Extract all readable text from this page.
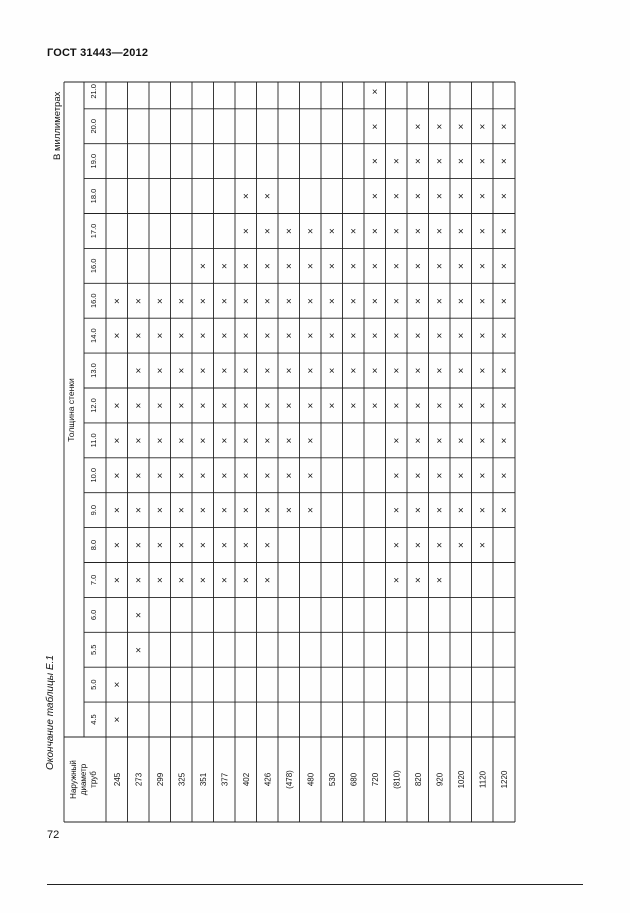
ГОСТ 31443—2012
Окончание таблицы Е.1
В миллиметрах
Толщина стенки
Наружный диаметр труб
4.5
5.0
5.5
6.0
7.0
8.0
9.0
10.0
11.0
12.0
13.0
14.0
16.0
16.0
17.0
18.0
19.0
20.0
21.0
245 273 299 325 351 377 402 426 (478) 480 530 680 720 (810) 820 920 1020 1120 1220
×
×
×
×
×
×
×
×
×
×
×
×
×
×
×
×
×
×
×
×
×
×
×
×
×
×
×
×
×
×
×
×
×
×
×
×
×
×
×
×
×
×
×
×
×
×
×
×
×
×
×
×
×
×
×
×
×
×
×
×
×
×
×
×
×
×
×
×
×
×
×
×
×
×
×
×
×
×
×
×
×
×
×
×
×
×
×
×
×
×
×
×
×
×
×
×
×
×
×
×
×
×
×
×
×
×
×
×
×
×
×
×
×
×
×
×
×
×
×
×
×
×
×
×
×
×
×
×
×
×
×
×
×
×
×
×
×
×
×
×
×
×
×
×
×
×
×
×
×
×
×
×
×
×
×
×
×
×
×
×
×
×
×
×
×
×
×
×
×
×
×
×
×
×
×
×
×
×
×
×
×
×
×
×
×
×
×
×
×
×
×
×
×
×
×
×
×
×
×
×
×
×
72
